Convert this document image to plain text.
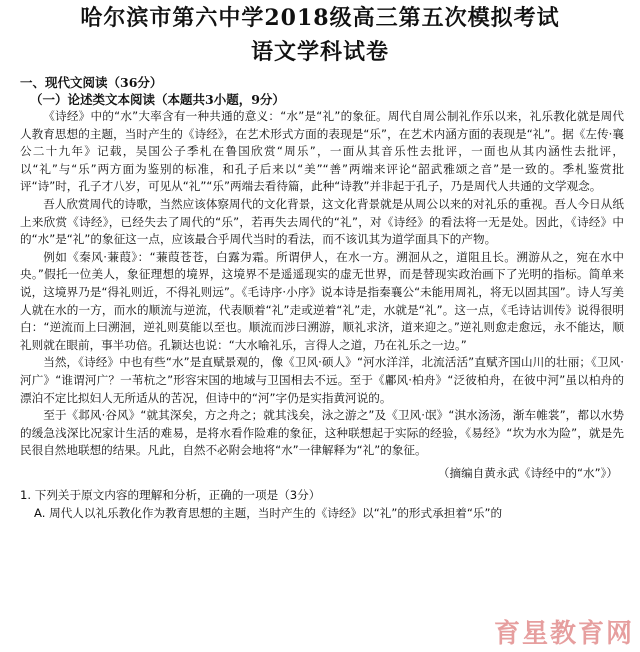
哈尔滨市第六中学2018级高三第五次模拟考试
语文学科试卷
一、现代文阅读（36分）
（一）论述类文本阅读（本题共3小题，9分）

《诗经》中的“水”大率含有一种共通的意义：“水”是“礼”的象征。周代自周公制礼作乐以来，礼乐教化就是周代人教育思想的主题，当时产生的《诗经》，在艺术形式方面的表现是“乐”，在艺术内涵方面的表现是“礼”。据《左传·襄公二十九年》记载，吴国公子季札在鲁国欣赏“周乐”，一面从其音乐性去批评，一面也从其内涵性去批评，以“礼”与“乐”两方面为鉴别的标准，和孔子后来以“美”“善”两端来评论“韶武雅颂之音”是一致的。季札鉴赏批评“诗”时，孔子才八岁，可见从“礼”“乐”两端去看待篇，此种“诗教”并非起于孔子，乃是周代人共通的文学观念。

吾人欣赏周代的诗歌，当然应该体察周代的文化背景，这文化背景就是从周公以来的对礼乐的重视。吾人今日从纸上来欣赏《诗经》，已经失去了周代的“乐”，若再失去周代的“礼”，对《诗经》的看法将一无是处。因此，《诗经》中的“水”是“礼”的象征这一点，应该最合乎周代当时的看法，而不该讥其为道学面具下的产物。

例如《秦风·蒹葭》：“蒹葭苍苍，白露为霜。所谓伊人，在水一方。溯洄从之，道阻且长。溯游从之，宛在水中央。”假托一位美人，象征理想的境界，这境界不是遥遥现实的虚无世界，而是替现实政治画下了光明的指标。简单来说，这境界乃是“得礼则近，不得礼则远”。《毛诗序·小序》说本诗是指秦襄公“未能用周礼，将无以固其国”。诗人写美人就在水的一方，而水的顺流与逆流，代表顺着“礼”走或逆着“礼”走，水就是“礼”。这一点，《毛诗诂训传》说得很明白：“逆流而上曰溯洄，逆礼则莫能以至也。顺流而涉曰溯游，顺礼求济，道来迎之。”逆礼则愈走愈远，永不能达，顺礼则就在眼前，事半功倍。孔颖达也说：“大水喻礼乐，言得人之道，乃在礼乐之一边。”

当然，《诗经》中也有些“水”是直赋景观的，像《卫风·硕人》“河水洋洋，北流活活”直赋齐国山川的壮丽；《卫风·河广》“谁谓河广？一苇杭之”形容宋国的地域与卫国相去不远。至于《鄘风·柏舟》“泛彼柏舟，在彼中河”虽以柏舟的漂泊不定比拟妇人无所适从的苦况，但诗中的“河”字仍是实指黄河说的。

至于《邶风·谷风》“就其深矣，方之舟之；就其浅矣，泳之游之”及《卫风·氓》“淇水汤汤，渐车帷裳”，都以水势的缓急浅深比况家计生活的难易，是将水看作险难的象征，这种联想起于实际的经验，《易经》“坎为水为险”，就是先民很自然地联想的结果。凡此，自然不必附会地将“水”一律解释为“礼”的象征。

（摘编自黄永武《诗经中的“水”》）
1. 下列关于原文内容的理解和分析，正确的一项是（3分）
A. 周代人以礼乐教化作为教育思想的主题，当时产生的《诗经》以“礼”的形式承担着“乐”的
育星教育网
